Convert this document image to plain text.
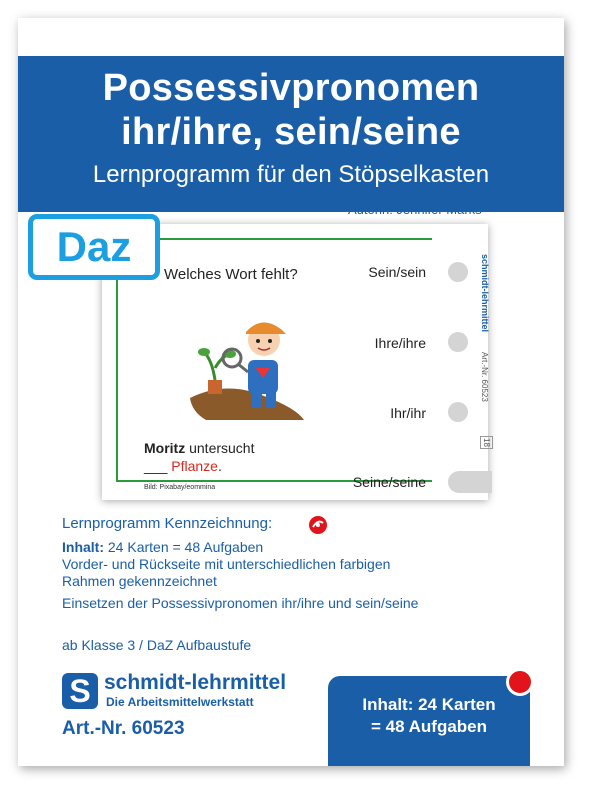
Possessivpronomen
ihr/ihre, sein/seine
Lernprogramm für den Stöpselkasten
Autorin: Jennifer Marks
Daz
Welches Wort fehlt?	Sein/sein
Ihre/ihre
Ihr/ihr
Seine/seine
schmidt-lehrmittel
Art.-Nr. 60523
18
Moritz untersucht
___ Pflanze.
Bild: Pixabay/eommina
Lernprogramm Kennzeichnung:
Inhalt: 24 Karten = 48 Aufgaben
Vorder- und Rückseite mit unterschiedlichen farbigen Rahmen gekennzeichnet
Einsetzen der Possessivpronomen ihr/ihre und sein/seine
ab Klasse 3 / DaZ Aufbaustufe
S schmidt-lehrmittel
Die Arbeitsmittelwerkstatt
Art.-Nr. 60523
Inhalt: 24 Karten
= 48 Aufgaben
